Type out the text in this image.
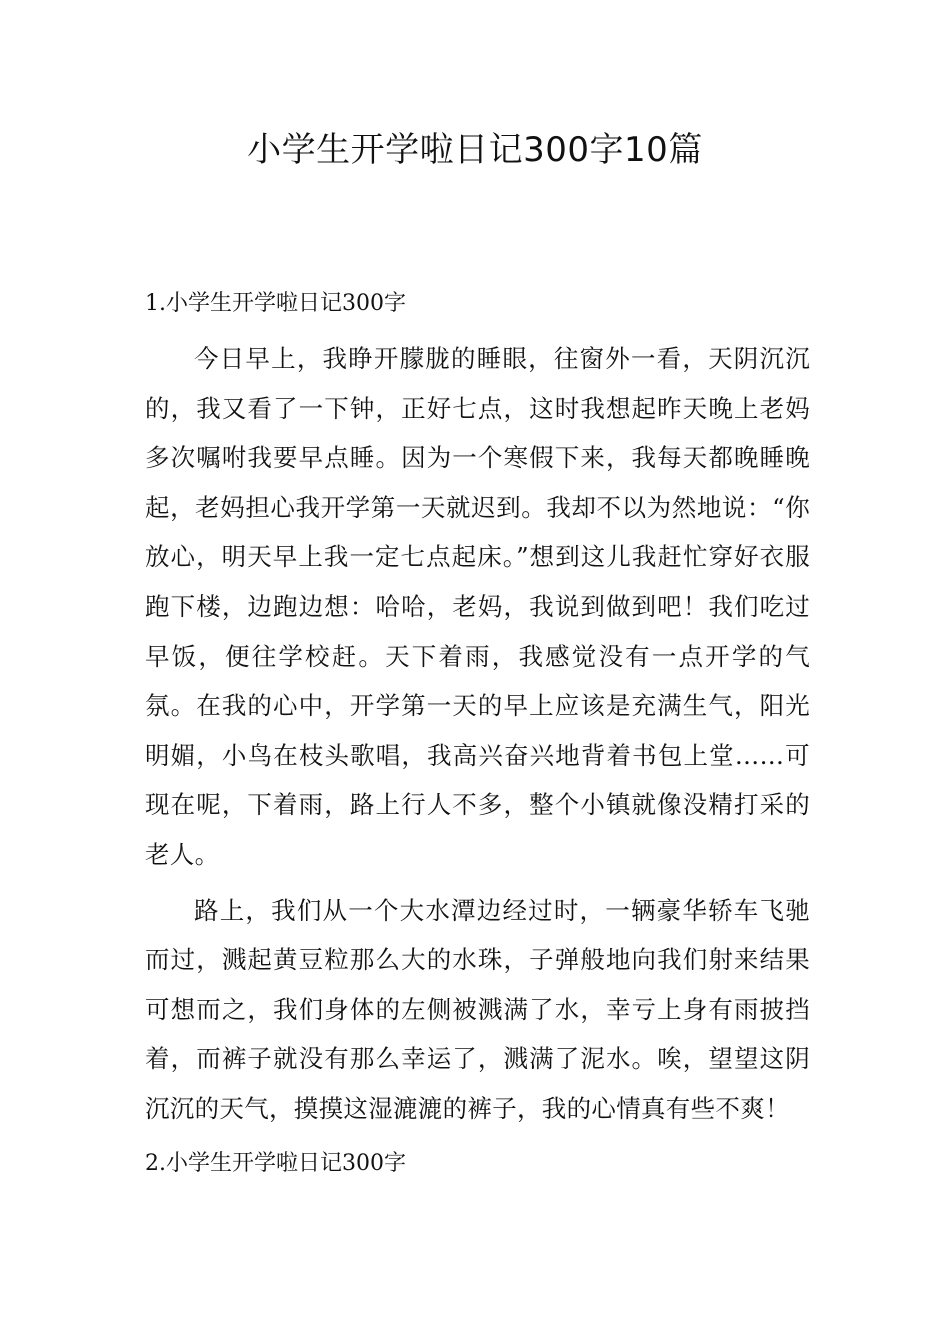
小学生开学啦日记300字10篇
1.小学生开学啦日记300字

今日早上，我睁开朦胧的睡眼，往窗外一看，天阴沉沉的，我又看了一下钟，正好七点，这时我想起昨天晚上老妈多次嘱咐我要早点睡。因为一个寒假下来，我每天都晚睡晚起，老妈担心我开学第一天就迟到。我却不以为然地说：“你放心，明天早上我一定七点起床。”想到这儿我赶忙穿好衣服跑下楼，边跑边想：哈哈，老妈，我说到做到吧！我们吃过早饭，便往学校赶。天下着雨，我感觉没有一点开学的气氛。在我的心中，开学第一天的早上应该是充满生气，阳光明媚，小鸟在枝头歌唱，我高兴奋兴地背着书包上堂……可现在呢，下着雨，路上行人不多，整个小镇就像没精打采的老人。

路上，我们从一个大水潭边经过时，一辆豪华轿车飞驰而过，溅起黄豆粒那么大的水珠，子弹般地向我们射来结果可想而之，我们身体的左侧被溅满了水，幸亏上身有雨披挡着，而裤子就没有那么幸运了，溅满了泥水。唉，望望这阴沉沉的天气，摸摸这湿漉漉的裤子，我的心情真有些不爽！

2.小学生开学啦日记300字
